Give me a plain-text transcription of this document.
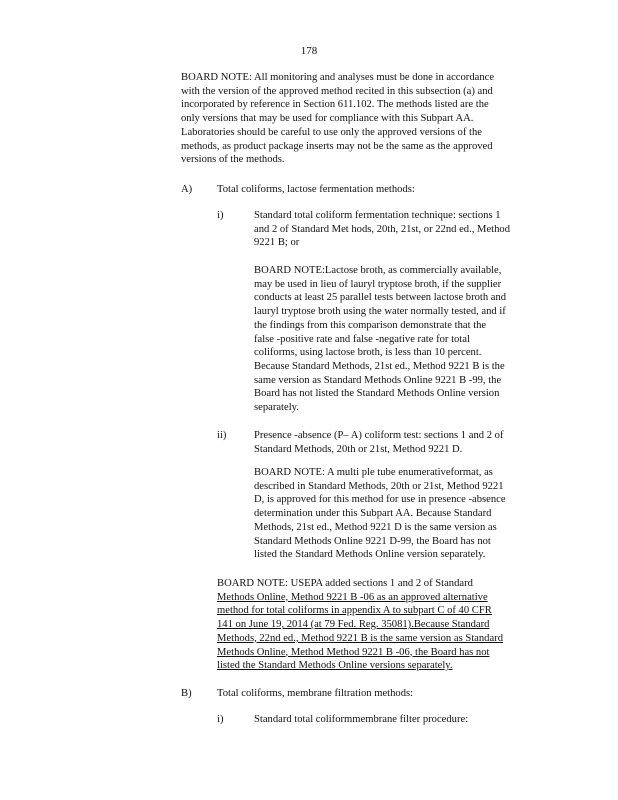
178
BOARD NOTE: All monitoring and analyses must be done in accordance
with the version of the approved method recited in this subsection (a) and
incorporated by reference in Section 611.102. The methods listed are the
only versions that may be used for compliance with this Subpart AA.
Laboratories should be careful to use only the approved versions of the
methods, as product package inserts may not be the same as the approved
versions of the methods.
A) Total coliforms, lactose fermentation methods:
i)	Standard total coliform fermentation technique: sections 1
and 2 of Standard Met hods, 20th, 21st, or 22nd ed., Method
9221 B; or
BOARD NOTE:Lactose broth, as commercially available,
may be used in lieu of lauryl tryptose broth, if the supplier
conducts at least 25 parallel tests between lactose broth and
lauryl tryptose broth using the water normally tested, and if
the findings from this comparison demonstrate that the
false -positive rate and false -negative rate for total
coliforms, using lactose broth, is less than 10 percent.
Because Standard Methods, 21st ed., Method 9221 B is the
same version as Standard Methods Online 9221 B -99, the
Board has not listed the Standard Methods Online version
separately.
ii)	Presence -absence (P– A) coliform test: sections 1 and 2 of
Standard Methods, 20th or 21st, Method 9221 D.
BOARD NOTE: A multi ple tube enumerativeformat, as
described in Standard Methods, 20th or 21st, Method 9221
D, is approved for this method for use in presence -absence
determination under this Subpart AA. Because Standard
Methods, 21st ed., Method 9221 D is the same version as
Standard Methods Online 9221 D-99, the Board has not
listed the Standard Methods Online version separately.
BOARD NOTE: USEPA added sections 1 and 2 of Standard
Methods Online, Method 9221 B -06 as an approved alternative
method for total coliforms in appendix A to subpart C of 40 CFR
141 on June 19, 2014 (at 79 Fed. Reg. 35081).Because Standard
Methods, 22nd ed., Method 9221 B is the same version as Standard
Methods Online, Method Method 9221 B -06, the Board has not
listed the Standard Methods Online versions separately.
B) Total coliforms, membrane filtration methods:
i)	Standard total coliformmembrane filter procedure:
